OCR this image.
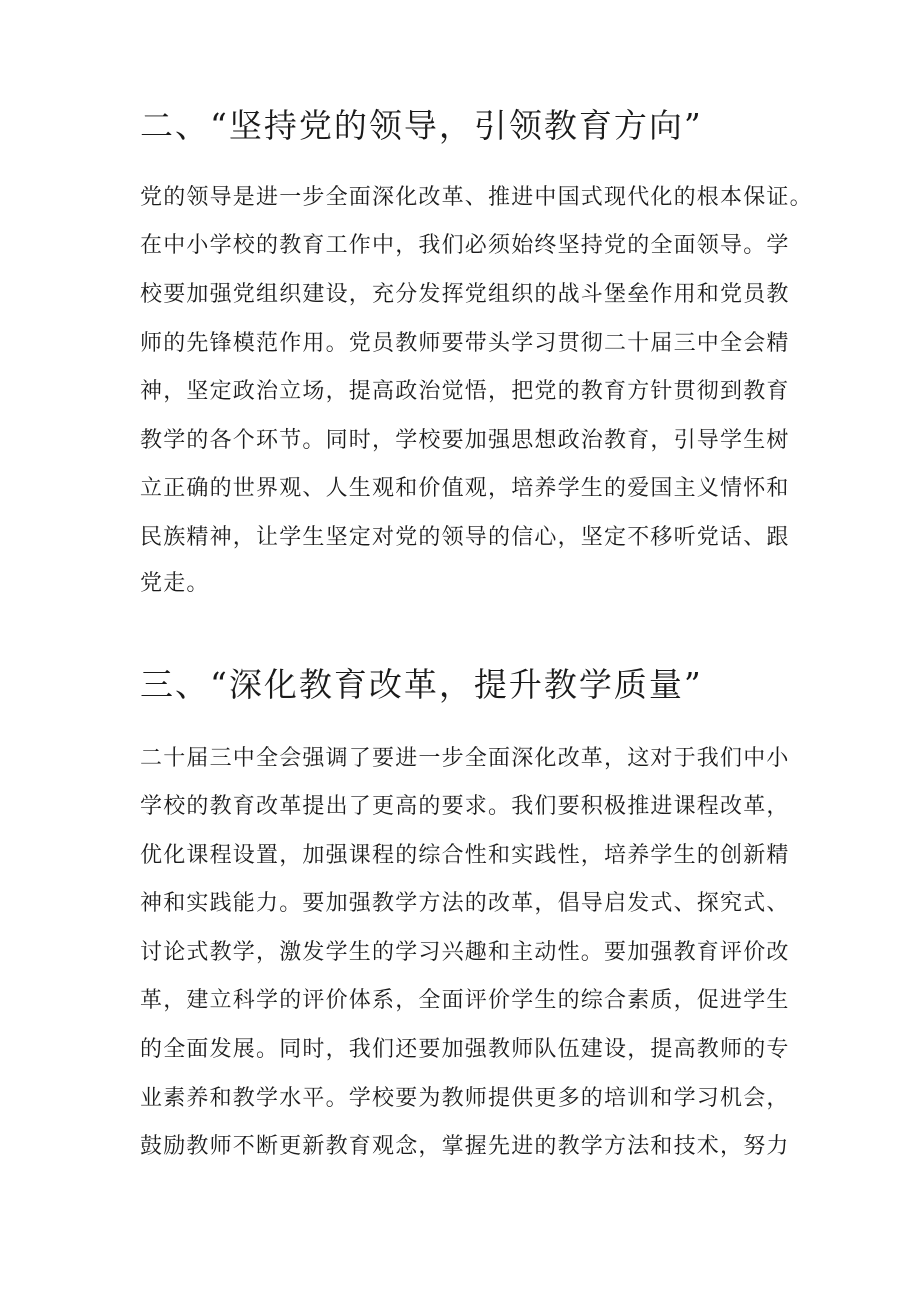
二、“坚持党的领导，引领教育方向”
党的领导是进一步全面深化改革、推进中国式现代化的根本保证。
在中小学校的教育工作中，我们必须始终坚持党的全面领导。学
校要加强党组织建设，充分发挥党组织的战斗堡垒作用和党员教
师的先锋模范作用。党员教师要带头学习贯彻二十届三中全会精
神，坚定政治立场，提高政治觉悟，把党的教育方针贯彻到教育
教学的各个环节。同时，学校要加强思想政治教育，引导学生树
立正确的世界观、人生观和价值观，培养学生的爱国主义情怀和
民族精神，让学生坚定对党的领导的信心，坚定不移听党话、跟
党走。
三、“深化教育改革，提升教学质量”
二十届三中全会强调了要进一步全面深化改革，这对于我们中小
学校的教育改革提出了更高的要求。我们要积极推进课程改革，
优化课程设置，加强课程的综合性和实践性，培养学生的创新精
神和实践能力。要加强教学方法的改革，倡导启发式、探究式、
讨论式教学，激发学生的学习兴趣和主动性。要加强教育评价改
革，建立科学的评价体系，全面评价学生的综合素质，促进学生
的全面发展。同时，我们还要加强教师队伍建设，提高教师的专
业素养和教学水平。学校要为教师提供更多的培训和学习机会，
鼓励教师不断更新教育观念，掌握先进的教学方法和技术，努力
